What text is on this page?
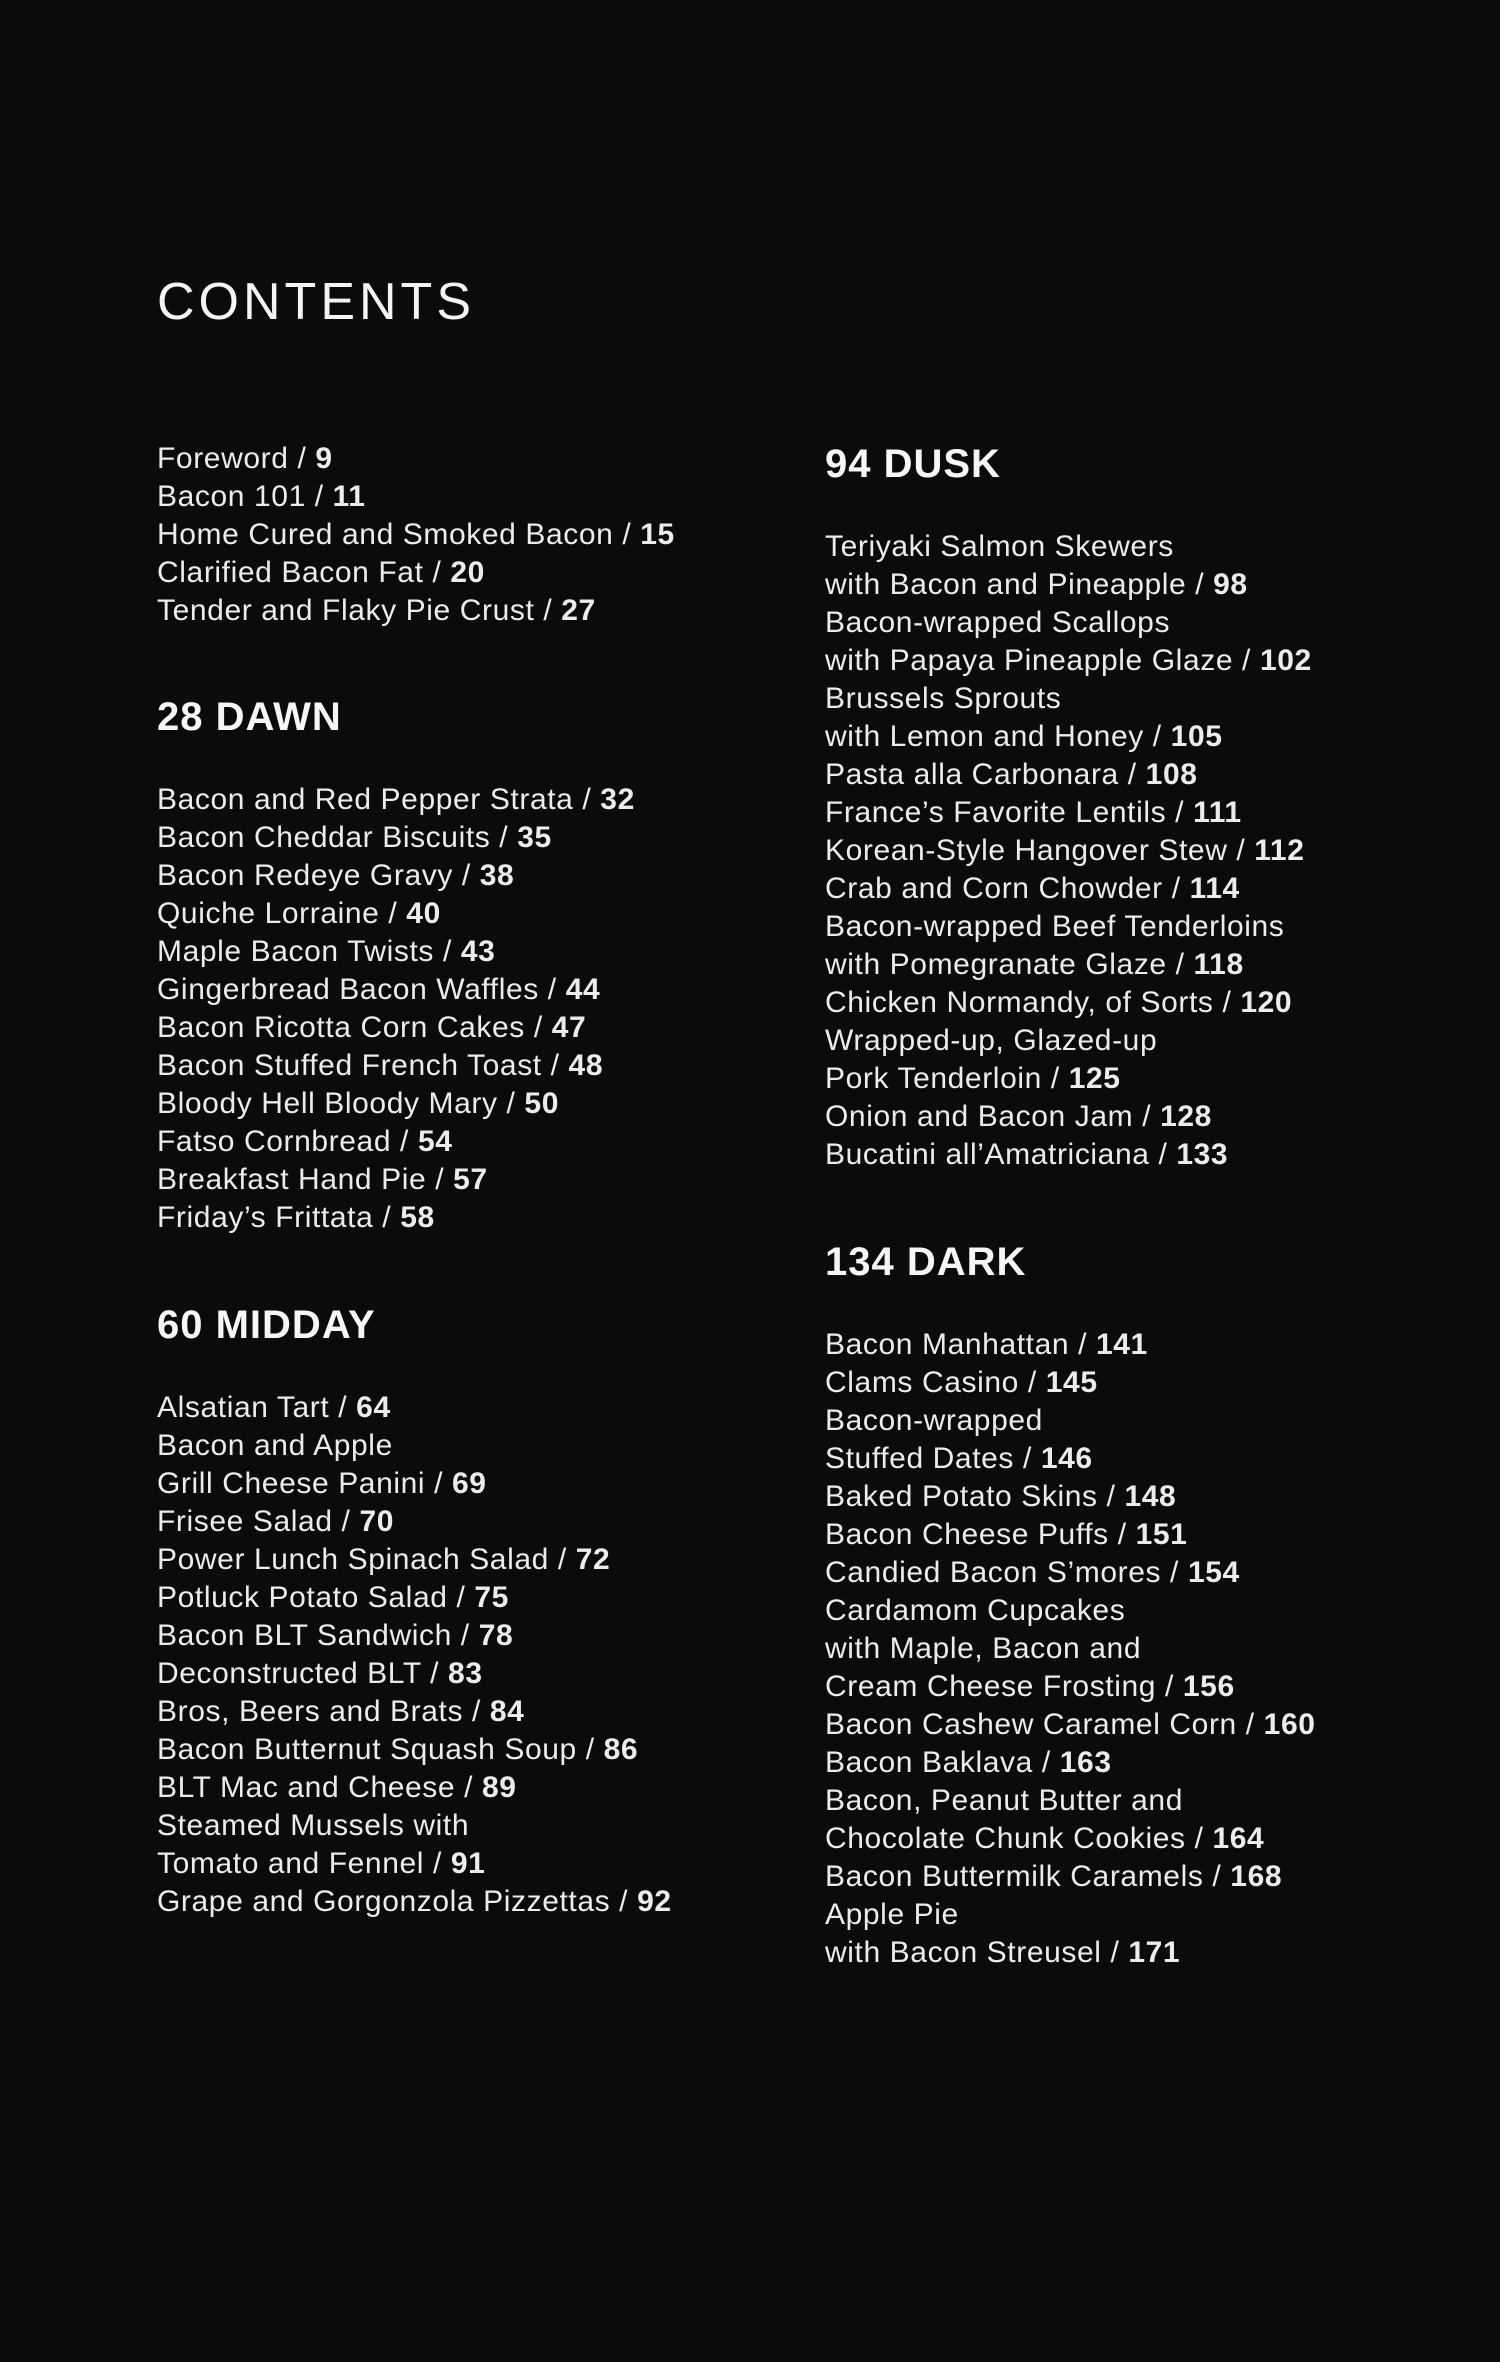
CONTENTS
Foreword / 9
Bacon 101 / 11
Home Cured and Smoked Bacon / 15
Clarified Bacon Fat / 20
Tender and Flaky Pie Crust / 27
28 DAWN
Bacon and Red Pepper Strata / 32
Bacon Cheddar Biscuits / 35
Bacon Redeye Gravy / 38
Quiche Lorraine / 40
Maple Bacon Twists / 43
Gingerbread Bacon Waffles / 44
Bacon Ricotta Corn Cakes / 47
Bacon Stuffed French Toast / 48
Bloody Hell Bloody Mary / 50
Fatso Cornbread / 54
Breakfast Hand Pie / 57
Friday’s Frittata / 58
60 MIDDAY
Alsatian Tart / 64
Bacon and Apple
Grill Cheese Panini / 69
Frisee Salad / 70
Power Lunch Spinach Salad / 72
Potluck Potato Salad / 75
Bacon BLT Sandwich / 78
Deconstructed BLT / 83
Bros, Beers and Brats / 84
Bacon Butternut Squash Soup / 86
BLT Mac and Cheese / 89
Steamed Mussels with
Tomato and Fennel / 91
Grape and Gorgonzola Pizzettas / 92
94 DUSK
Teriyaki Salmon Skewers
with Bacon and Pineapple / 98
Bacon-wrapped Scallops
with Papaya Pineapple Glaze / 102
Brussels Sprouts
with Lemon and Honey / 105
Pasta alla Carbonara / 108
France’s Favorite Lentils / 111
Korean-Style Hangover Stew / 112
Crab and Corn Chowder / 114
Bacon-wrapped Beef Tenderloins
with Pomegranate Glaze / 118
Chicken Normandy, of Sorts / 120
Wrapped-up, Glazed-up
Pork Tenderloin / 125
Onion and Bacon Jam / 128
Bucatini all’Amatriciana / 133
134 DARK
Bacon Manhattan / 141
Clams Casino / 145
Bacon-wrapped
Stuffed Dates / 146
Baked Potato Skins / 148
Bacon Cheese Puffs / 151
Candied Bacon S’mores / 154
Cardamom Cupcakes
with Maple, Bacon and
Cream Cheese Frosting / 156
Bacon Cashew Caramel Corn / 160
Bacon Baklava / 163
Bacon, Peanut Butter and
Chocolate Chunk Cookies / 164
Bacon Buttermilk Caramels / 168
Apple Pie
with Bacon Streusel / 171
